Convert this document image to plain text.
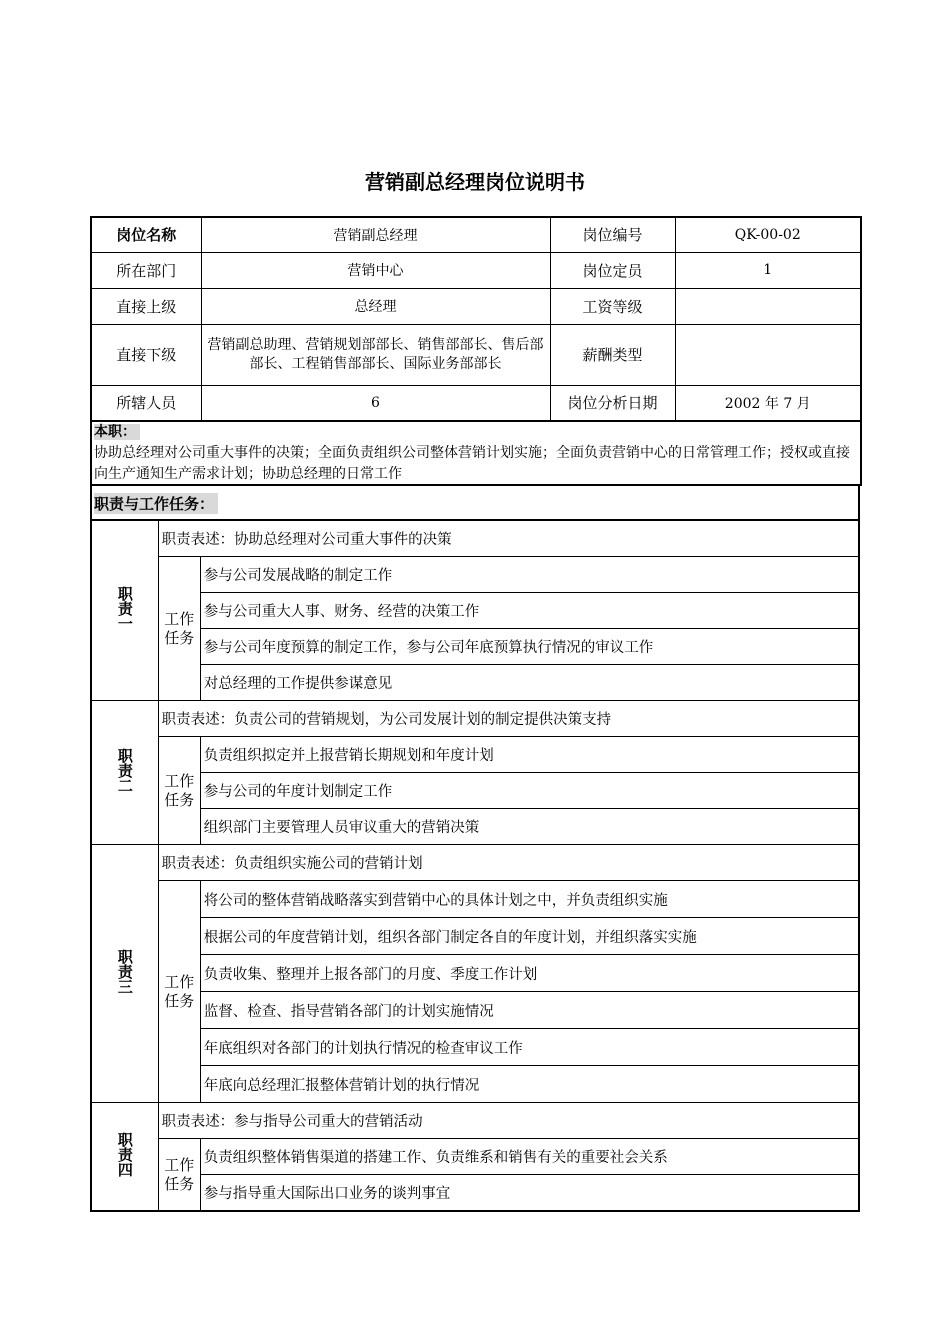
营销副总经理岗位说明书
岗位名称	营销副总经理	岗位编号	QK-00-02
所在部门	营销中心	岗位定员	1
直接上级	总经理	工资等级	
直接下级	营销副总助理、营销规划部部长、销售部部长、售后部部长、工程销售部部长、国际业务部部长	薪酬类型	
所辖人员	6	岗位分析日期	2002 年 7 月
本职：
协助总经理对公司重大事件的决策；全面负责组织公司整体营销计划实施；全面负责营销中心的日常管理工作；授权或直接向生产通知生产需求计划；协助总经理的日常工作
职责与工作任务：
职责一	职责表述：协助总经理对公司重大事件的决策	
	工作任务	参与公司发展战略的制定工作
		参与公司重大人事、财务、经营的决策工作
		参与公司年度预算的制定工作，参与公司年底预算执行情况的审议工作
		对总经理的工作提供参谋意见
职责二	职责表述：负责公司的营销规划，为公司发展计划的制定提供决策支持	
	工作任务	负责组织拟定并上报营销长期规划和年度计划
		参与公司的年度计划制定工作
		组织部门主要管理人员审议重大的营销决策
职责三	职责表述：负责组织实施公司的营销计划	
	工作任务	将公司的整体营销战略落实到营销中心的具体计划之中，并负责组织实施
		根据公司的年度营销计划，组织各部门制定各自的年度计划，并组织落实实施
		负责收集、整理并上报各部门的月度、季度工作计划
		监督、检查、指导营销各部门的计划实施情况
		年底组织对各部门的计划执行情况的检查审议工作
		年底向总经理汇报整体营销计划的执行情况
职责四	职责表述：参与指导公司重大的营销活动	
	工作任务	负责组织整体销售渠道的搭建工作、负责维系和销售有关的重要社会关系
		参与指导重大国际出口业务的谈判事宜
